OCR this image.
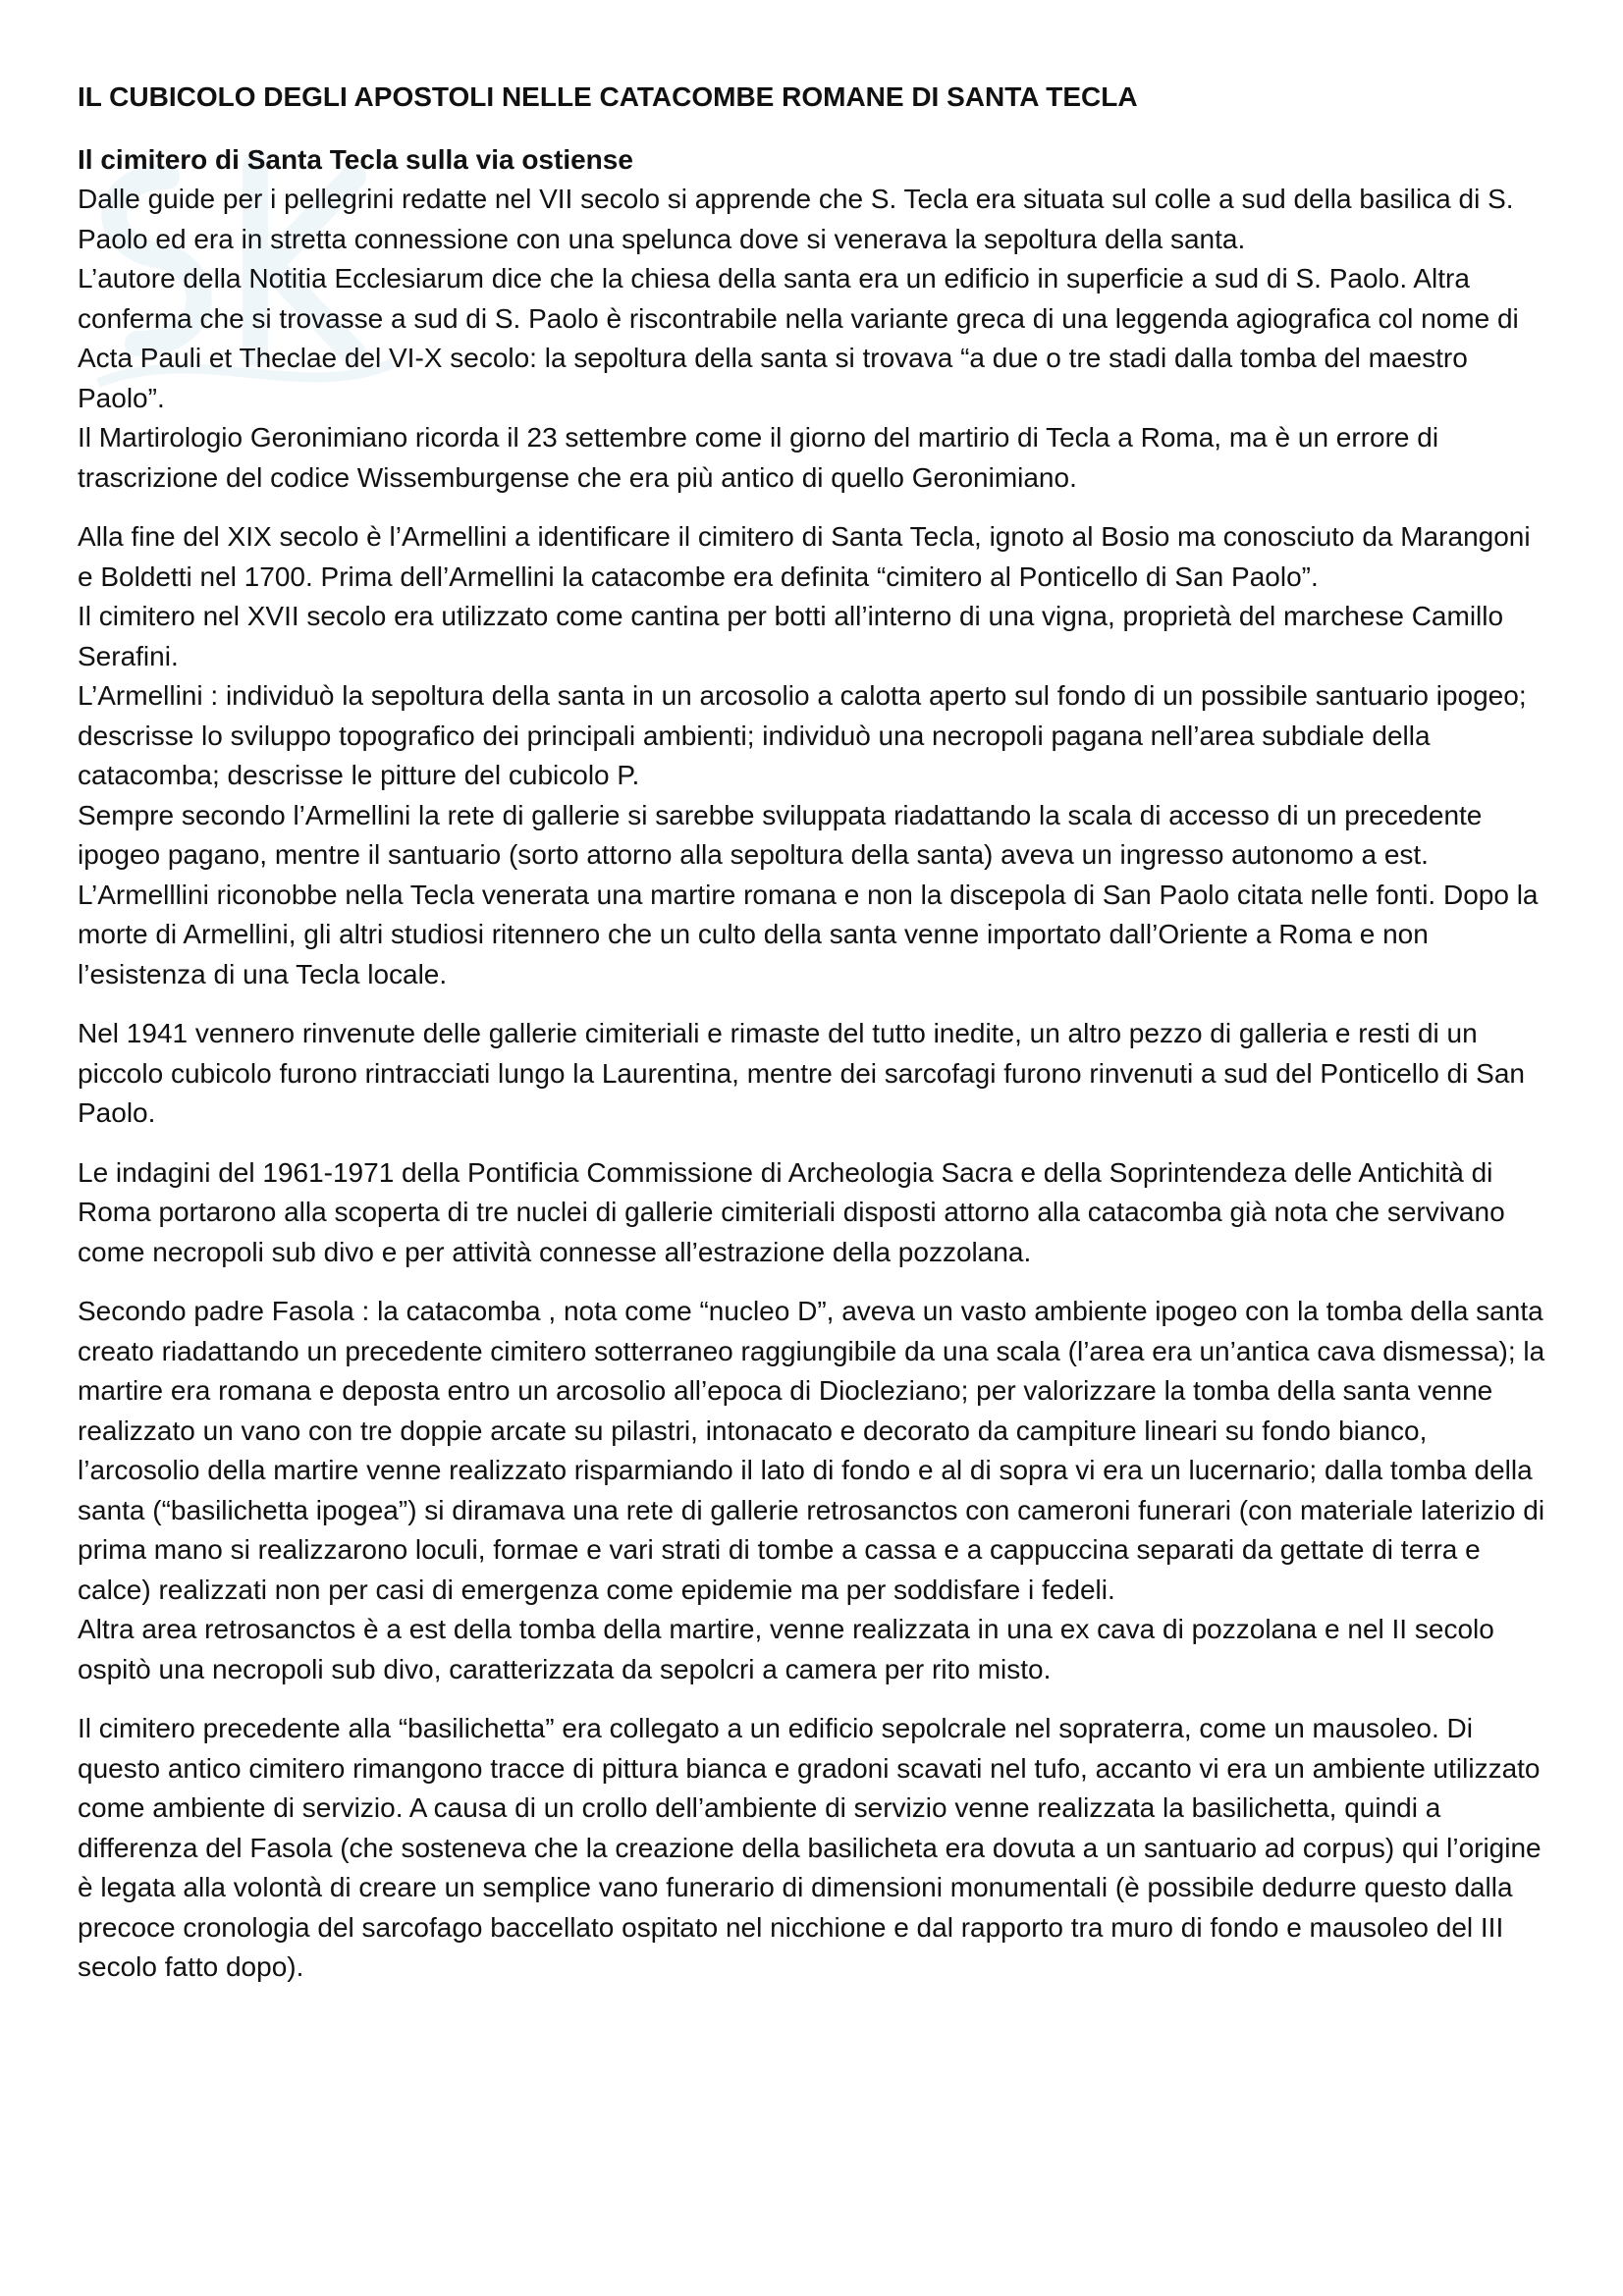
IL CUBICOLO DEGLI APOSTOLI NELLE CATACOMBE ROMANE DI SANTA TECLA

Il cimitero di Santa Tecla sulla via ostiense

Dalle guide per i pellegrini redatte nel VII secolo si apprende che S. Tecla era situata sul colle a sud della basilica di S. Paolo ed era in stretta connessione con una spelunca dove si venerava la sepoltura della santa.

L’autore della Notitia Ecclesiarum dice che la chiesa della santa era un edificio in superficie a sud di S. Paolo. Altra conferma che si trovasse a sud di S. Paolo è riscontrabile nella variante greca di una leggenda agiografica col nome di Acta Pauli et Theclae del VI-X secolo: la sepoltura della santa si trovava “a due o tre stadi dalla tomba del maestro Paolo”.

Il Martirologio Geronimiano ricorda il 23 settembre come il giorno del martirio di Tecla a Roma, ma è un errore di trascrizione del codice Wissemburgense che era più antico di quello Geronimiano.

Alla fine del XIX secolo è l’Armellini a identificare il cimitero di Santa Tecla, ignoto al Bosio ma conosciuto da Marangoni e Boldetti nel 1700. Prima dell’Armellini la catacombe era definita “cimitero al Ponticello di San Paolo”.

Il cimitero nel XVII secolo era utilizzato come cantina per botti all’interno di una vigna, proprietà del marchese Camillo Serafini.

L’Armellini : individuò la sepoltura della santa in un arcosolio a calotta aperto sul fondo di un possibile santuario ipogeo; descrisse lo sviluppo topografico dei principali ambienti; individuò una necropoli pagana nell’area subdiale della catacomba; descrisse le pitture del cubicolo P.

Sempre secondo l’Armellini la rete di gallerie si sarebbe sviluppata riadattando la scala di accesso di un precedente ipogeo pagano, mentre il santuario (sorto attorno alla sepoltura della santa) aveva un ingresso autonomo a est.

L’Armelllini riconobbe nella Tecla venerata una martire romana e non la discepola di San Paolo citata nelle fonti. Dopo la morte di Armellini, gli altri studiosi ritennero che un culto della santa venne importato dall’Oriente a Roma e non l’esistenza di una Tecla locale.

Nel 1941 vennero rinvenute delle gallerie cimiteriali e rimaste del tutto inedite, un altro pezzo di galleria e resti di un piccolo cubicolo furono rintracciati lungo la Laurentina, mentre dei sarcofagi furono rinvenuti a sud del Ponticello di San Paolo.

Le indagini del 1961-1971 della Pontificia Commissione di Archeologia Sacra e della Soprintendeza delle Antichità di Roma portarono alla scoperta di tre nuclei di gallerie cimiteriali disposti attorno alla catacomba già nota che servivano come necropoli sub divo e per attività connesse all’estrazione della pozzolana.

Secondo padre Fasola : la catacomba , nota come “nucleo D”, aveva un vasto ambiente ipogeo con la tomba della santa creato riadattando un precedente cimitero sotterraneo raggiungibile da una scala (l’area era un’antica cava dismessa); la martire era romana e deposta entro un arcosolio all’epoca di Diocleziano; per valorizzare la tomba della santa venne realizzato un vano con tre doppie arcate su pilastri, intonacato e decorato da campiture lineari su fondo bianco, l’arcosolio della martire venne realizzato risparmiando il lato di fondo e al di sopra vi era un lucernario; dalla tomba della santa (“basilichetta ipogea”) si diramava una rete di gallerie retrosanctos con cameroni funerari (con materiale laterizio di prima mano si realizzarono loculi, formae e vari strati di tombe a cassa e a cappuccina separati da gettate di terra e calce) realizzati non per casi di emergenza come epidemie ma per soddisfare i fedeli.

Altra area retrosanctos è a est della tomba della martire, venne realizzata in una ex cava di pozzolana e nel II secolo ospitò una necropoli sub divo, caratterizzata da sepolcri a camera per rito misto.

Il cimitero precedente alla “basilichetta” era collegato a un edificio sepolcrale nel sopraterra, come un mausoleo. Di questo antico cimitero rimangono tracce di pittura bianca e gradoni scavati nel tufo, accanto vi era un ambiente utilizzato come ambiente di servizio. A causa di un crollo dell’ambiente di servizio venne realizzata la basilichetta, quindi a differenza del Fasola (che sosteneva che la creazione della basilicheta era dovuta a un santuario ad corpus) qui l’origine è legata alla volontà di creare un semplice vano funerario di dimensioni monumentali (è possibile dedurre questo dalla precoce cronologia del sarcofago baccellato ospitato nel nicchione e dal rapporto tra muro di fondo e mausoleo del III secolo fatto dopo).
